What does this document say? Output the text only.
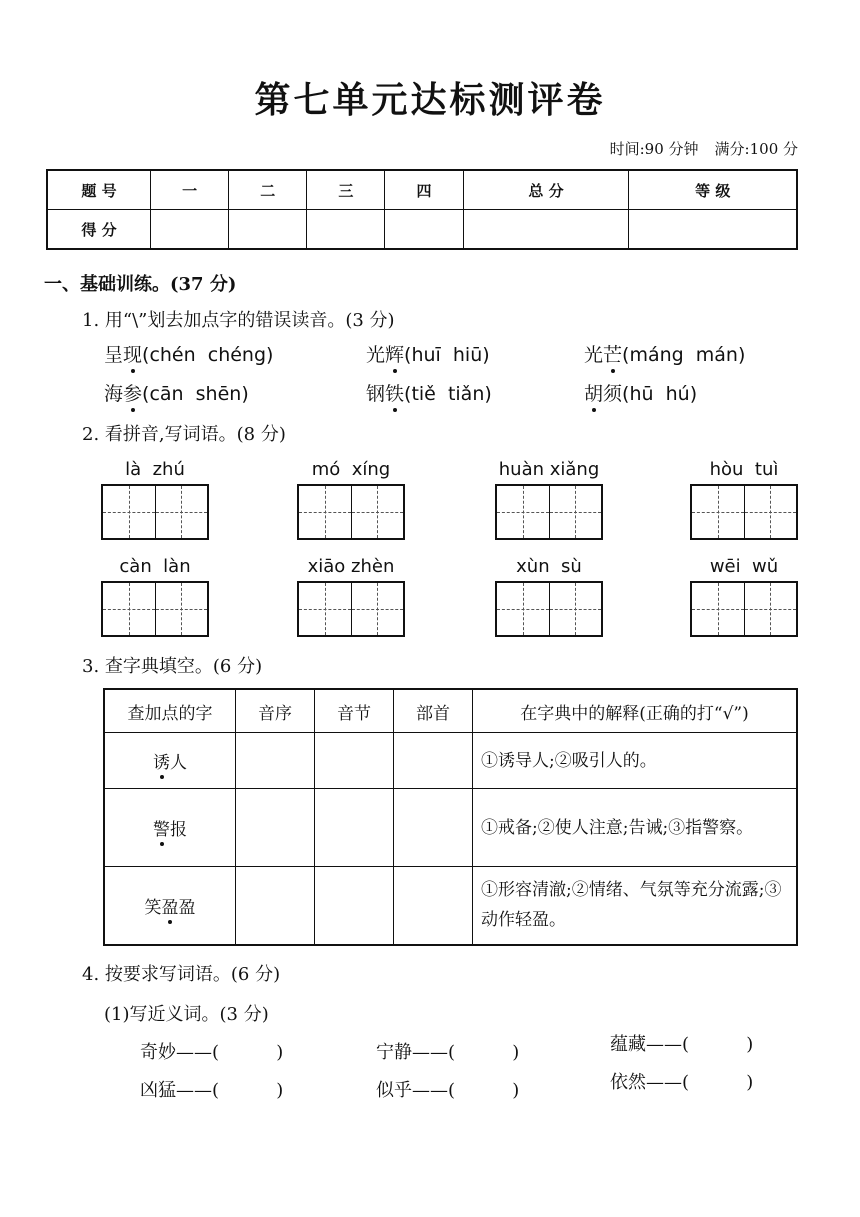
第七单元达标测评卷
时间:90 分钟 满分:100 分
题 号	一	二	三	四	总 分	等 级
得 分						
一、基础训练。(37 分)
1. 用“\”划去加点字的错误读音。(3 分)
呈现(chén  chéng)	光辉(huī  hiū)	光芒(máng  mán)
海参(cān  shēn)	钢铁(tiě  tiǎn)	胡须(hū  hú)
2. 看拼音,写词语。(8 分)
là  zhú	mó  xíng	huàn xiǎng	hòu  tuì
càn  làn	xiāo zhèn	xùn  sù	wēi  wǔ
3. 查字典填空。(6 分)
查加点的字	音序	音节	部首	在字典中的解释(正确的打“√”)
诱人				①诱导人;②吸引人的。
警报				①戒备;②使人注意;告诫;③指警察。
笑盈盈				①形容清澈;②情绪、气氛等充分流露;③动作轻盈。
4. 按要求写词语。(6 分)
(1)写近义词。(3 分)
奇妙——(          )	宁静——(          )	蕴藏——(          )
凶猛——(          )	似乎——(          )	依然——(          )
